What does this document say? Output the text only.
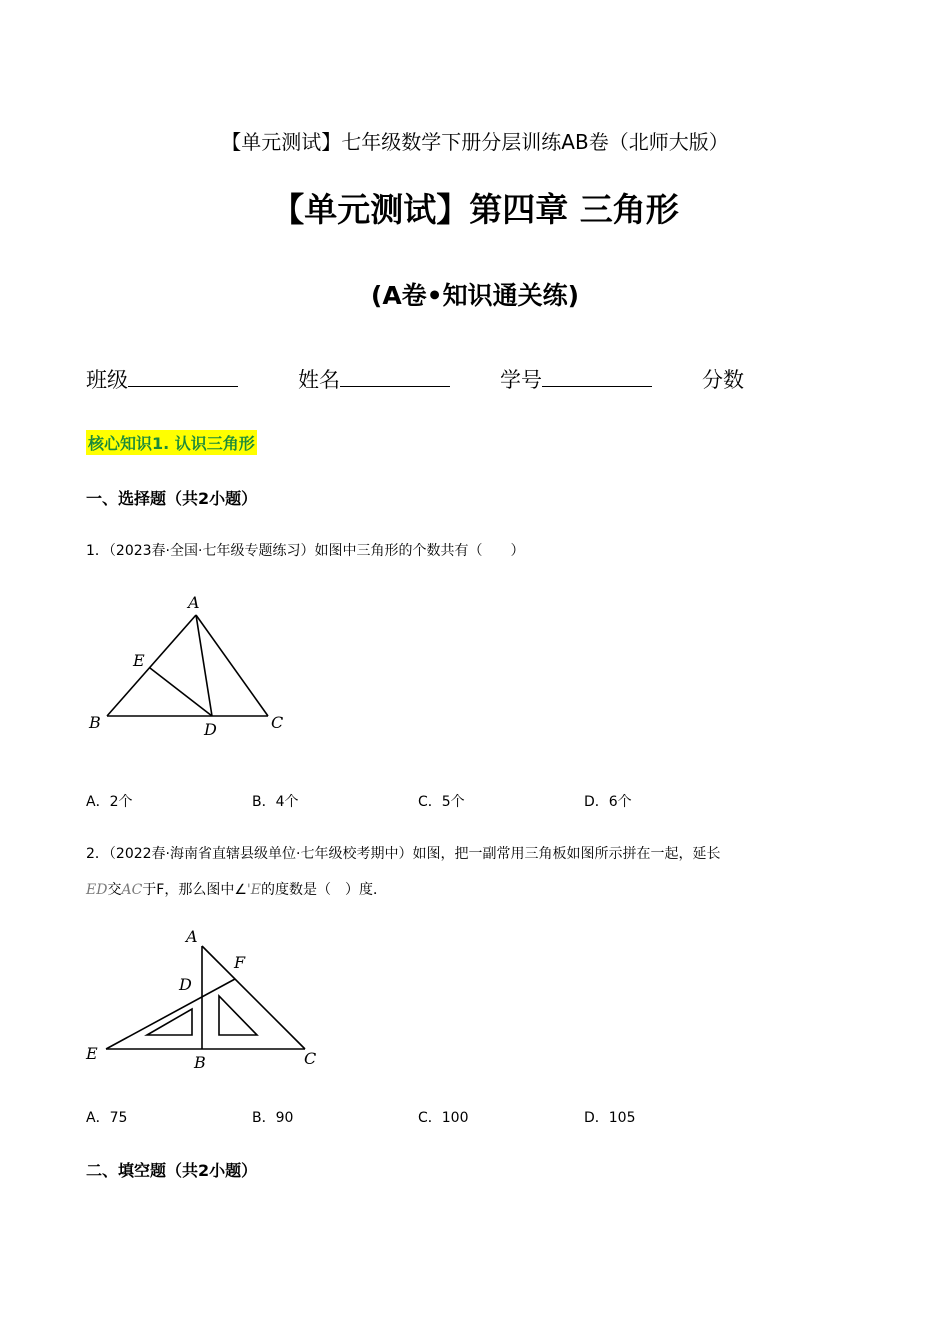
【单元测试】七年级数学下册分层训练AB卷（北师大版）
【单元测试】第四章 三角形
(A卷•知识通关练)
班级	姓名	学号	分数
核心知识1. 认识三角形
一、选择题（共2小题）
1．（2023春·全国·七年级专题练习）如图中三角形的个数共有（　　）
A
E
B	D	C
A．2个	B．4个	C．5个	D．6个
2．（2022春·海南省直辖县级单位·七年级校考期中）如图，把一副常用三角板如图所示拼在一起，延长
ED交AC于F，那么图中∠'E的度数是（　）度．
A
F
D
E	B	C
A．75	B．90	C．100	D．105
二、填空题（共2小题）
